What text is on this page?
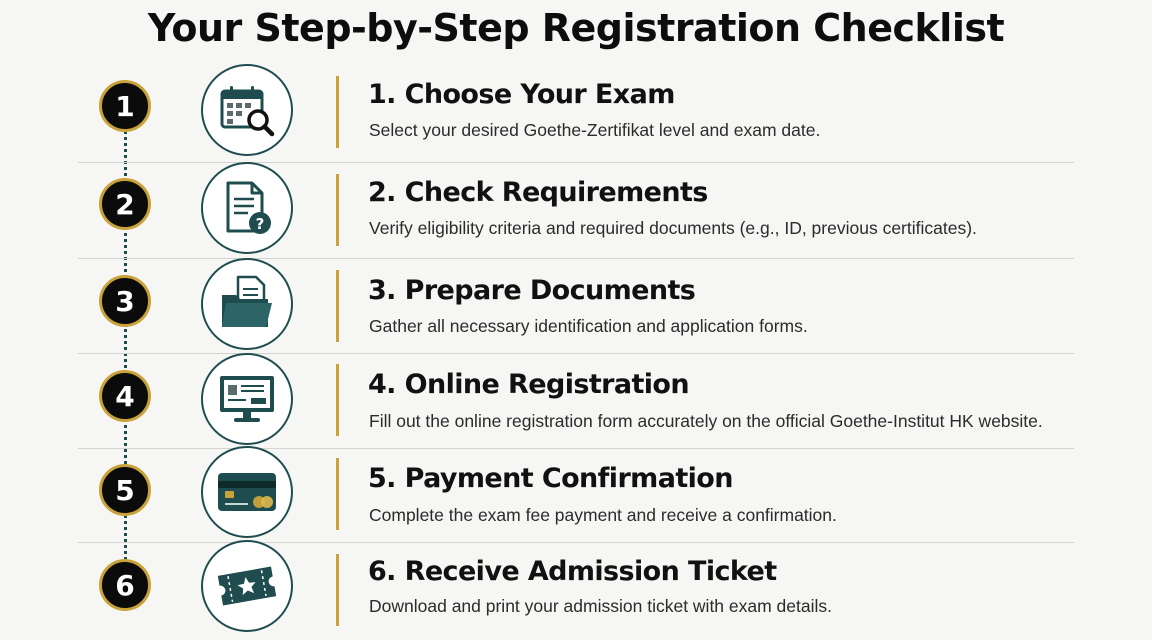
Your Step-by-Step Registration Checklist
1	1. Choose Your Exam
Select your desired Goethe-Zertifikat level and exam date.
2
?
2. Check Requirements
Verify eligibility criteria and required documents (e.g., ID, previous certificates).
3	3. Prepare Documents
Gather all necessary identification and application forms.
4	4. Online Registration
Fill out the online registration form accurately on the official Goethe-Institut HK website.
5	5. Payment Confirmation
Complete the exam fee payment and receive a confirmation.
6	6. Receive Admission Ticket
Download and print your admission ticket with exam details.
